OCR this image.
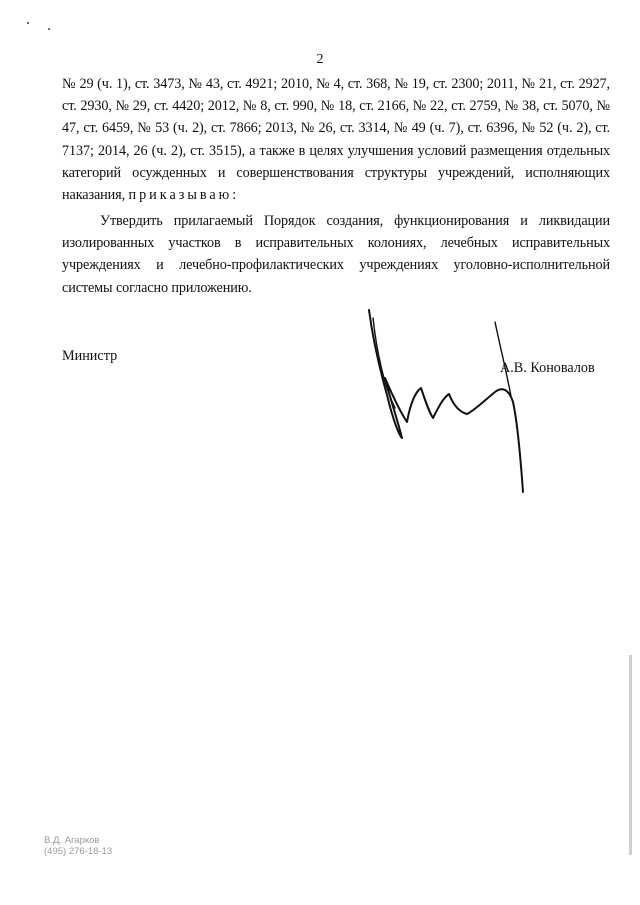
2
№ 29 (ч. 1), ст. 3473, № 43, ст. 4921; 2010, № 4, ст. 368, № 19, ст. 2300; 2011, № 21, ст. 2927, ст. 2930, № 29, ст. 4420; 2012, № 8, ст. 990, № 18, ст. 2166, № 22, ст. 2759, № 38, ст. 5070, № 47, ст. 6459, № 53 (ч. 2), ст. 7866; 2013, № 26, ст. 3314, № 49 (ч. 7), ст. 6396, № 52 (ч. 2), ст. 7137; 2014, 26 (ч. 2), ст. 3515), а также в целях улучшения условий размещения отдельных категорий осужденных и совершенствования структуры учреждений, исполняющих наказания, приказываю:
Утвердить прилагаемый Порядок создания, функционирования и ликвидации изолированных участков в исправительных колониях, лечебных исправительных учреждениях и лечебно-профилактических учреждениях уголовно-исполнительной системы согласно приложению.
Министр
А.В. Коновалов
В.Д. Агарков
(495) 276-18-13
